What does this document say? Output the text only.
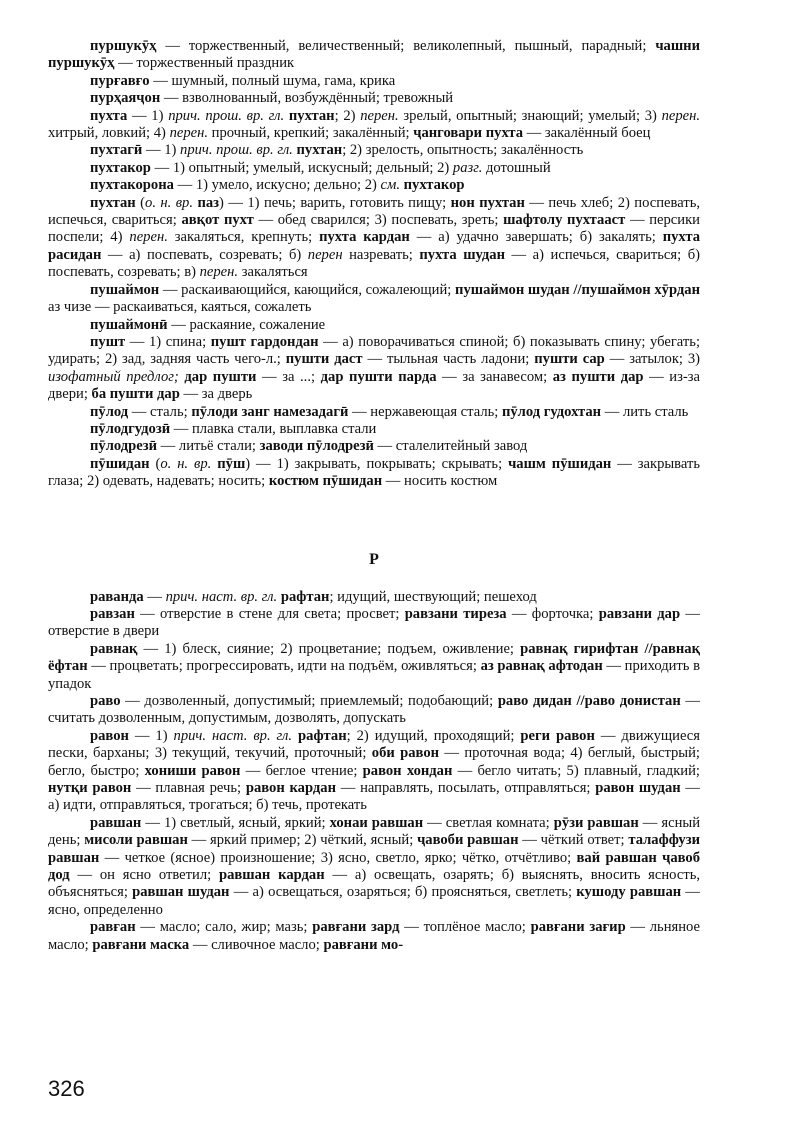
пуршукӯҳ — торжественный, величественный; великолепный, пышный, парадный; чашни пуршукӯҳ — торжественный праздник

пурғавғо — шумный, полный шума, гама, крика

пурҳаяҷон — взволнованный, возбуждённый; тревожный

пухта — 1) прич. прош. вр. гл. пухтан; 2) перен. зрелый, опытный; знающий; умелый; 3) перен. хитрый, ловкий; 4) перен. прочный, крепкий; закалённый; ҷанговари пухта — закалённый боец

пухтагӣ — 1) прич. прош. вр. гл. пухтан; 2) зрелость, опытность; закалённость

пухтакор — 1) опытный; умелый, искусный; дельный; 2) разг. дотошный

пухтакорона — 1) умело, искусно; дельно; 2) см. пухтакор

пухтан (о. н. вр. паз) — 1) печь; варить, готовить пищу; нон пухтан — печь хлеб; 2) поспевать, испечься, свариться; авқот пухт — обед сварился; 3) поспевать, зреть; шафтолу пухтааст — персики поспели; 4) перен. закаляться, крепнуть; пухта кардан — а) удачно завершать; б) закалять; пухта расидан — а) поспевать, созревать; б) перен назревать; пухта шудан — а) испечься, свариться; б) поспевать, созревать; в) перен. закаляться

пушаймон — раскаивающийся, кающийся, сожалеющий; пушаймон шудан //пушаймон хӯрдан аз чизе — раскаиваться, каяться, сожалеть

пушаймонӣ — раскаяние, сожаление

пушт — 1) спина; пушт гардондан — а) поворачиваться спиной; б) показывать спину; убегать; удирать; 2) зад, задняя часть чего-л.; пушти даст — тыльная часть ладони; пушти сар — затылок; 3) изофатный предлог; дар пушти — за ...; дар пушти парда — за занавесом; аз пушти дар — из-за двери; ба пушти дар — за дверь

пӯлод — сталь; пӯлоди занг намезадагӣ — нержавеющая сталь; пӯлод гудохтан — лить сталь

пӯлодгудозӣ — плавка стали, выплавка стали

пӯлодрезӣ — литьё стали; заводи пӯлодрезӣ — сталелитейный завод

пӯшидан (о. н. вр. пӯш) — 1) закрывать, покрывать; скрывать; чашм пӯшидан — закрывать глаза; 2) одевать, надевать; носить; костюм пӯшидан — носить костюм

Р

раванда — прич. наст. вр. гл. рафтан; идущий, шествующий; пешеход

равзан — отверстие в стене для света; просвет; равзани тиреза — форточка; равзани дар — отверстие в двери

равнақ — 1) блеск, сияние; 2) процветание; подъем, оживление; равнақ гирифтан //равнақ ёфтан — процветать; прогрессировать, идти на подъём, оживляться; аз равнақ афтодан — приходить в упадок

раво — дозволенный, допустимый; приемлемый; подобающий; раво дидан //раво донистан — считать дозволенным, допустимым, дозволять, допускать

равон — 1) прич. наст. вр. гл. рафтан; 2) идущий, проходящий; реги равон — движущиеся пески, барханы; 3) текущий, текучий, проточный; оби равон — проточная вода; 4) беглый, быстрый; бегло, быстро; хониши равон — беглое чтение; равон хондан — бегло читать; 5) плавный, гладкий; нутқи равон — плавная речь; равон кардан — направлять, посылать, отправляться; равон шудан — а) идти, отправляться, трогаться; б) течь, протекать

равшан — 1) светлый, ясный, яркий; хонаи равшан — светлая комната; рӯзи равшан — ясный день; мисоли равшан — яркий пример; 2) чёткий, ясный; ҷавоби равшан — чёткий ответ; талаффузи равшан — четкое (ясное) произношение; 3) ясно, светло, ярко; чётко, отчётливо; вай равшан ҷавоб дод — он ясно ответил; равшан кардан — а) освещать, озарять; б) выяснять, вносить ясность, объясняться; равшан шудан — а) освещаться, озаряться; б) проясняться, светлеть; кушоду равшан — ясно, определенно

равған — масло; сало, жир; мазь; равғани зард — топлёное масло; равғани зағир — льняное масло; равғани маска — сливочное масло; равғани мо-

326
